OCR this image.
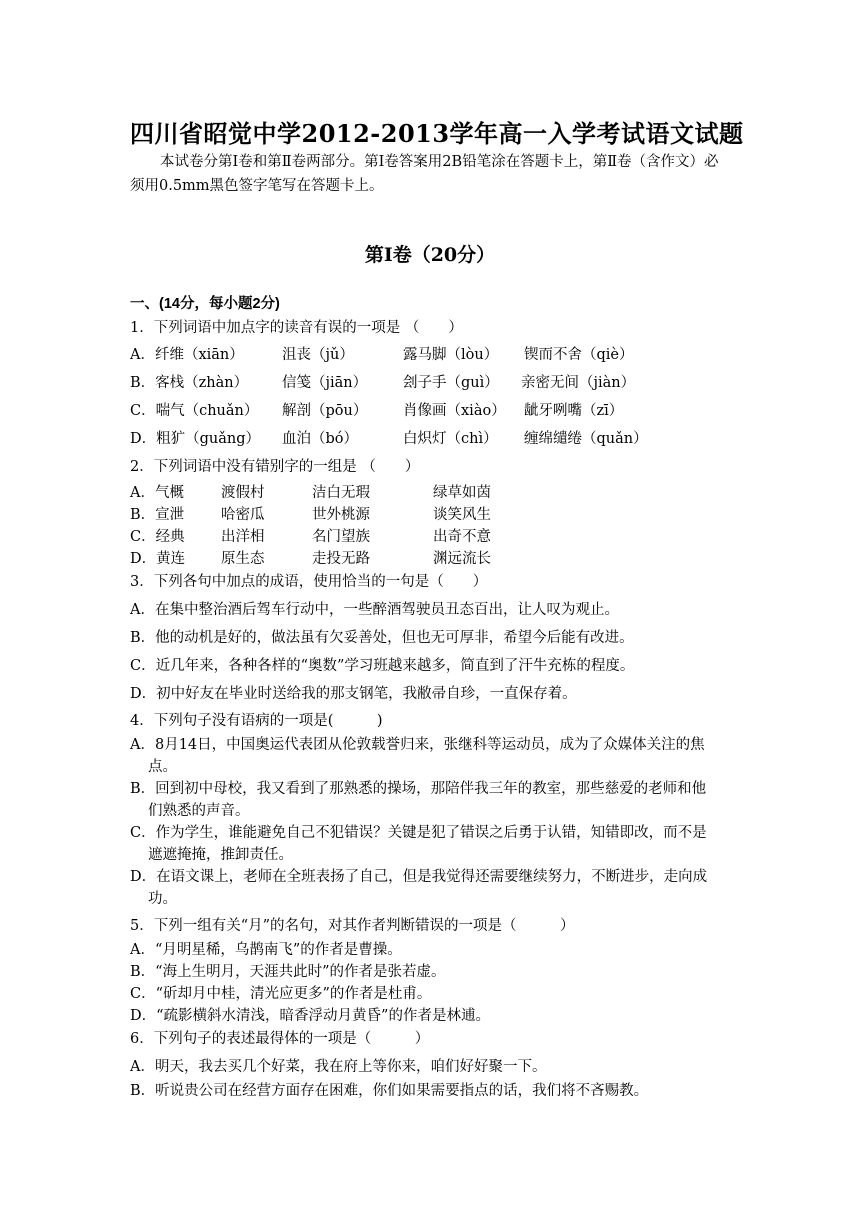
四川省昭觉中学2012-2013学年高一入学考试语文试题
本试卷分第Ⅰ卷和第Ⅱ卷两部分。第Ⅰ卷答案用2B铅笔涂在答题卡上，第Ⅱ卷（含作文）必须用0.5mm黑色签字笔写在答题卡上。
第Ⅰ卷（20分）
一、(14分，每小题2分)
1．下列词语中加点字的读音有误的一项是 （　　）
A．纤维（xiān）	沮丧（jǔ）	露马脚（lòu） 锲而不舍（qiè）
B．客栈（zhàn） 信笺（jiān） 刽子手（guì） 亲密无间（jiàn）
C．喘气（chuǎn） 解剖（pōu） 肖像画（xiào） 龇牙咧嘴（zī）
D．粗犷（guǎng） 血泊（bó）	白炽灯（chì） 缠绵缱绻（quǎn）
2．下列词语中没有错别字的一组是 （　　）
A．气概	渡假村	洁白无瑕	绿草如茵
B．宣泄	哈密瓜	世外桃源	谈笑风生
C．经典	出洋相	名门望族	出奇不意
D．黄连 原生态	走投无路	渊远流长
3．下列各句中加点的成语，使用恰当的一句是（　　）
A．在集中整治酒后驾车行动中，一些醉酒驾驶员丑态百出，让人叹为观止。
B．他的动机是好的，做法虽有欠妥善处，但也无可厚非，希望今后能有改进。
C．近几年来，各种各样的“奥数”学习班越来越多，简直到了汗牛充栋的程度。
D．初中好友在毕业时送给我的那支钢笔，我敝帚自珍，一直保存着。
4．下列句子没有语病的一项是(　　　)
A．8月14日，中国奥运代表团从伦敦载誉归来，张继科等运动员，成为了众媒体关注的焦
点。
B．回到初中母校，我又看到了那熟悉的操场，那陪伴我三年的教室，那些慈爱的老师和他
们熟悉的声音。
C．作为学生，谁能避免自己不犯错误？关键是犯了错误之后勇于认错，知错即改，而不是
遮遮掩掩，推卸责任。
D．在语文课上，老师在全班表扬了自己，但是我觉得还需要继续努力，不断进步，走向成
功。
5．下列一组有关“月”的名句，对其作者判断错误的一项是（　　　）
A．“月明星稀，乌鹊南飞”的作者是曹操。
B．“海上生明月，天涯共此时”的作者是张若虚。
C．“斫却月中桂，清光应更多”的作者是杜甫。
D．“疏影横斜水清浅，暗香浮动月黄昏”的作者是林逋。
6．下列句子的表述最得体的一项是（　　　）
A．明天，我去买几个好菜，我在府上等你来，咱们好好聚一下。
B．听说贵公司在经营方面存在困难，你们如果需要指点的话，我们将不吝赐教。
